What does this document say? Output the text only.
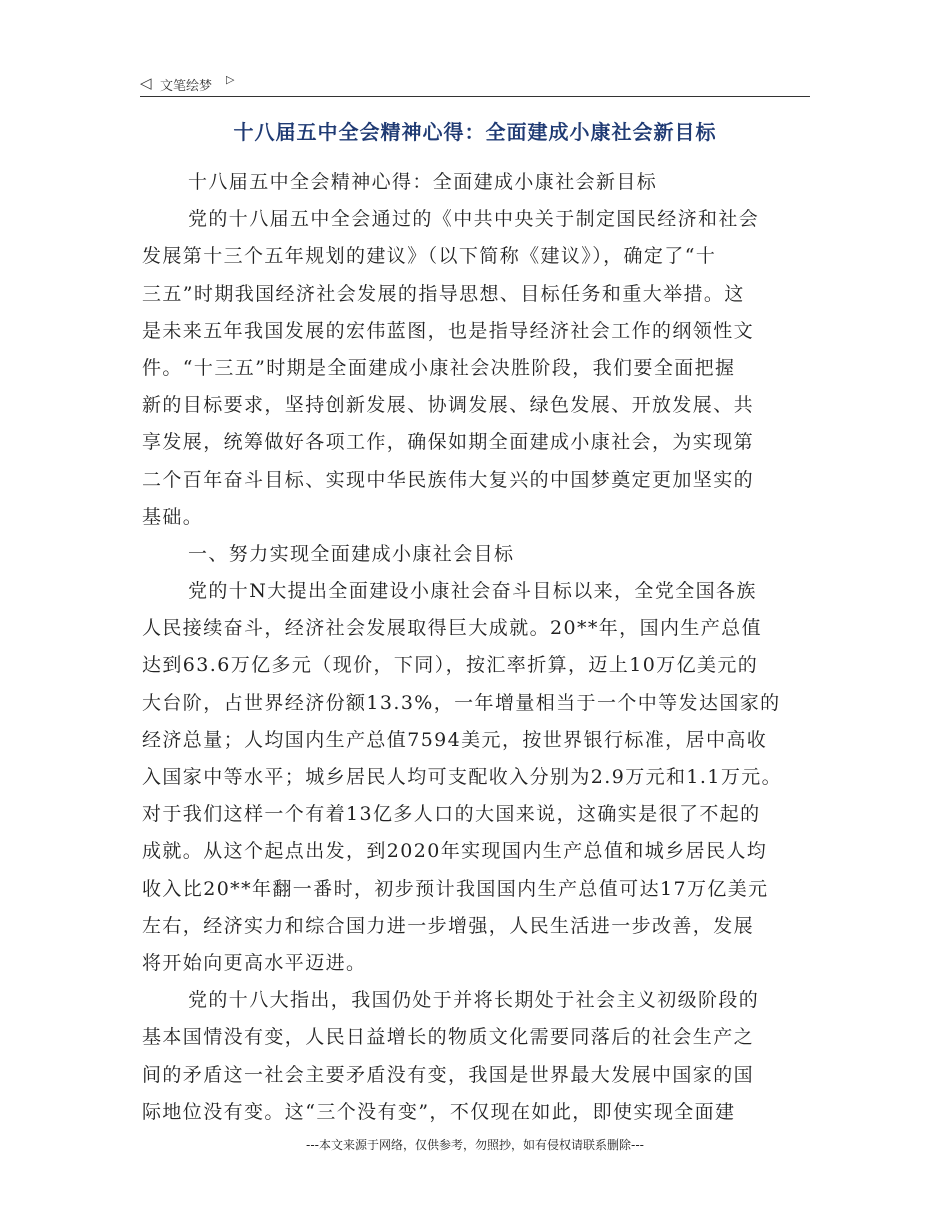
◁ 文笔绘梦 ▷
十八届五中全会精神心得：全面建成小康社会新目标
十八届五中全会精神心得：全面建成小康社会新目标
党的十八届五中全会通过的《中共中央关于制定国民经济和社会
发展第十三个五年规划的建议》（以下简称《建议》），确定了“十
三五”时期我国经济社会发展的指导思想、目标任务和重大举措。这
是未来五年我国发展的宏伟蓝图，也是指导经济社会工作的纲领性文
件。“十三五”时期是全面建成小康社会决胜阶段，我们要全面把握
新的目标要求，坚持创新发展、协调发展、绿色发展、开放发展、共
享发展，统筹做好各项工作，确保如期全面建成小康社会，为实现第
二个百年奋斗目标、实现中华民族伟大复兴的中国梦奠定更加坚实的
基础。
一、努力实现全面建成小康社会目标
党的十N大提出全面建设小康社会奋斗目标以来，全党全国各族
人民接续奋斗，经济社会发展取得巨大成就。20**年，国内生产总值
达到63.6万亿多元（现价，下同），按汇率折算，迈上10万亿美元的
大台阶，占世界经济份额13.3%，一年增量相当于一个中等发达国家的
经济总量；人均国内生产总值7594美元，按世界银行标准，居中高收
入国家中等水平；城乡居民人均可支配收入分别为2.9万元和1.1万元。
对于我们这样一个有着13亿多人口的大国来说，这确实是很了不起的
成就。从这个起点出发，到2020年实现国内生产总值和城乡居民人均
收入比20**年翻一番时，初步预计我国国内生产总值可达17万亿美元
左右，经济实力和综合国力进一步增强，人民生活进一步改善，发展
将开始向更高水平迈进。
党的十八大指出，我国仍处于并将长期处于社会主义初级阶段的
基本国情没有变，人民日益增长的物质文化需要同落后的社会生产之
间的矛盾这一社会主要矛盾没有变，我国是世界最大发展中国家的国
际地位没有变。这“三个没有变”，不仅现在如此，即使实现全面建
---本文来源于网络，仅供参考，勿照抄，如有侵权请联系删除---
